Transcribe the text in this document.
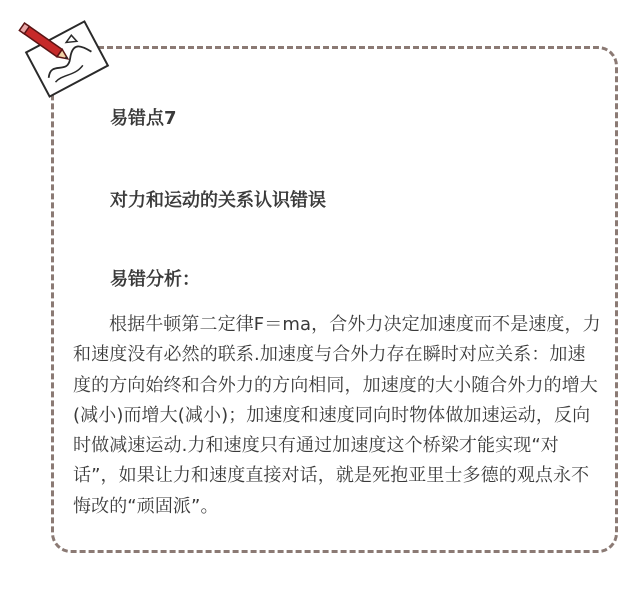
易错点7

对力和运动的关系认识错误

易错分析：

根据牛顿第二定律F＝ma，合外力决定加速度而不是速度，力和速度没有必然的联系.加速度与合外力存在瞬时对应关系：加速度的方向始终和合外力的方向相同，加速度的大小随合外力的增大(减小)而增大(减小)；加速度和速度同向时物体做加速运动，反向时做减速运动.力和速度只有通过加速度这个桥梁才能实现“对话”，如果让力和速度直接对话，就是死抱亚里士多德的观点永不悔改的“顽固派”。
